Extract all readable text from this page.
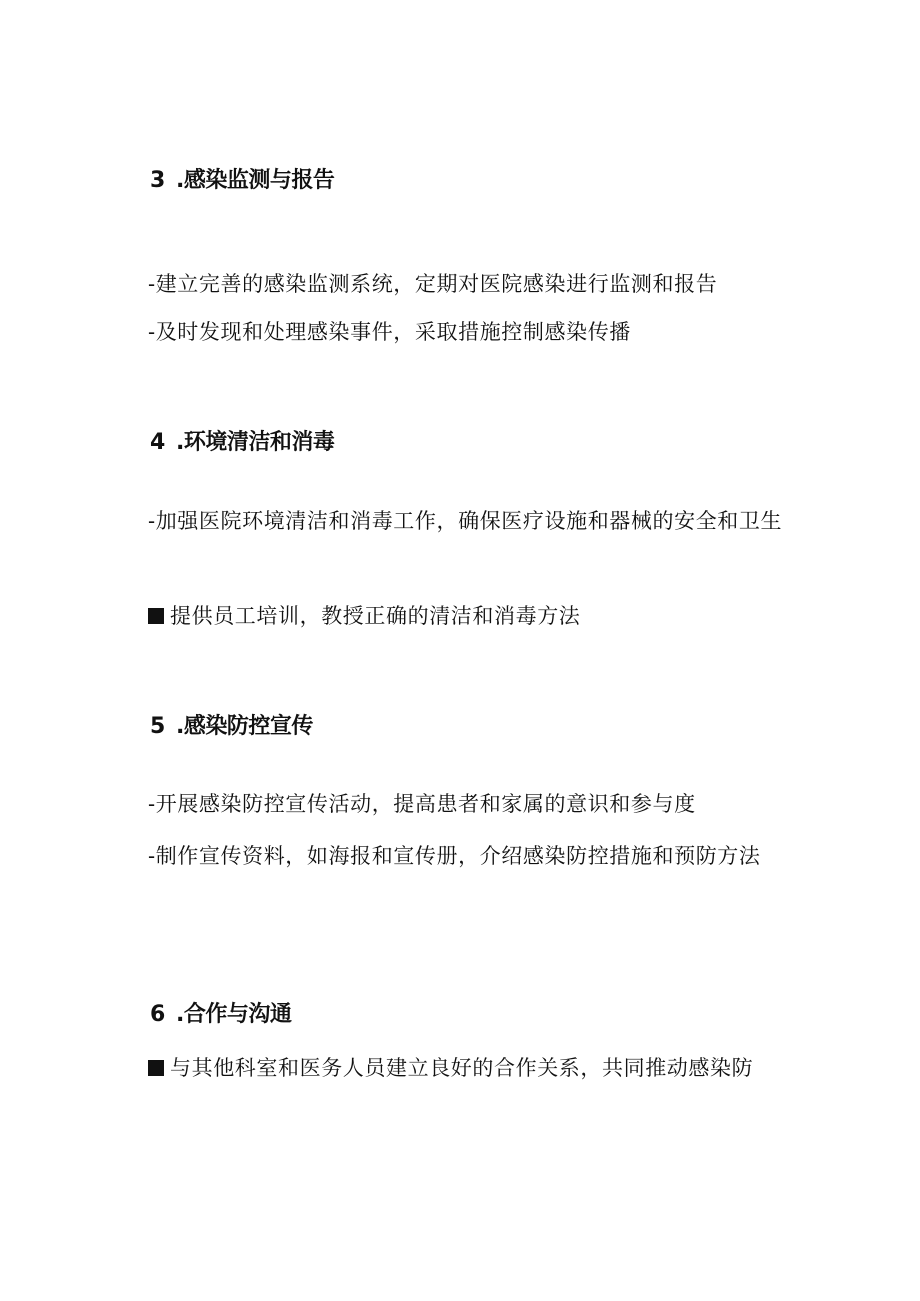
3 .感染监测与报告
-建立完善的感染监测系统，定期对医院感染进行监测和报告
-及时发现和处理感染事件，采取措施控制感染传播
4 .环境清洁和消毒
-加强医院环境清洁和消毒工作，确保医疗设施和器械的安全和卫生
提供员工培训，教授正确的清洁和消毒方法
5 .感染防控宣传
-开展感染防控宣传活动，提高患者和家属的意识和参与度
-制作宣传资料，如海报和宣传册，介绍感染防控措施和预防方法
6 .合作与沟通
与其他科室和医务人员建立良好的合作关系，共同推动感染防
